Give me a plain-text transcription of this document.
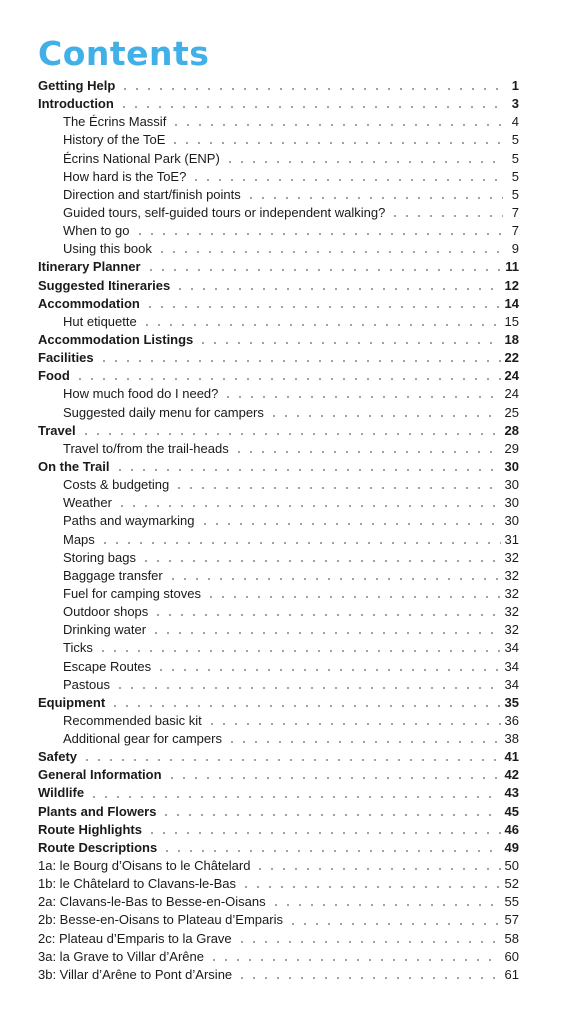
Contents
Getting Help	1
Introduction	3
The Écrins Massif	4
History of the ToE	5
Écrins National Park (ENP)	5
How hard is the ToE?	5
Direction and start/finish points	5
Guided tours, self-guided tours or independent walking?	7
When to go	7
Using this book	9
Itinerary Planner	11
Suggested Itineraries	12
Accommodation	14
Hut etiquette	15
Accommodation Listings	18
Facilities	22
Food	24
How much food do I need?	24
Suggested daily menu for campers	25
Travel	28
Travel to/from the trail-heads	29
On the Trail	30
Costs & budgeting	30
Weather	30
Paths and waymarking	30
Maps	31
Storing bags	32
Baggage transfer	32
Fuel for camping stoves	32
Outdoor shops	32
Drinking water	32
Ticks	34
Escape Routes	34
Pastous	34
Equipment	35
Recommended basic kit	36
Additional gear for campers	38
Safety	41
General Information	42
Wildlife	43
Plants and Flowers	45
Route Highlights	46
Route Descriptions	49
1a: le Bourg d’Oisans to le Châtelard	50
1b: le Châtelard to Clavans-le-Bas	52
2a: Clavans-le-Bas to Besse-en-Oisans	55
2b: Besse-en-Oisans to Plateau d’Emparis	57
2c: Plateau d’Emparis to la Grave	58
3a: la Grave to Villar d’Arêne	60
3b: Villar d’Arêne to Pont d’Arsine	61
